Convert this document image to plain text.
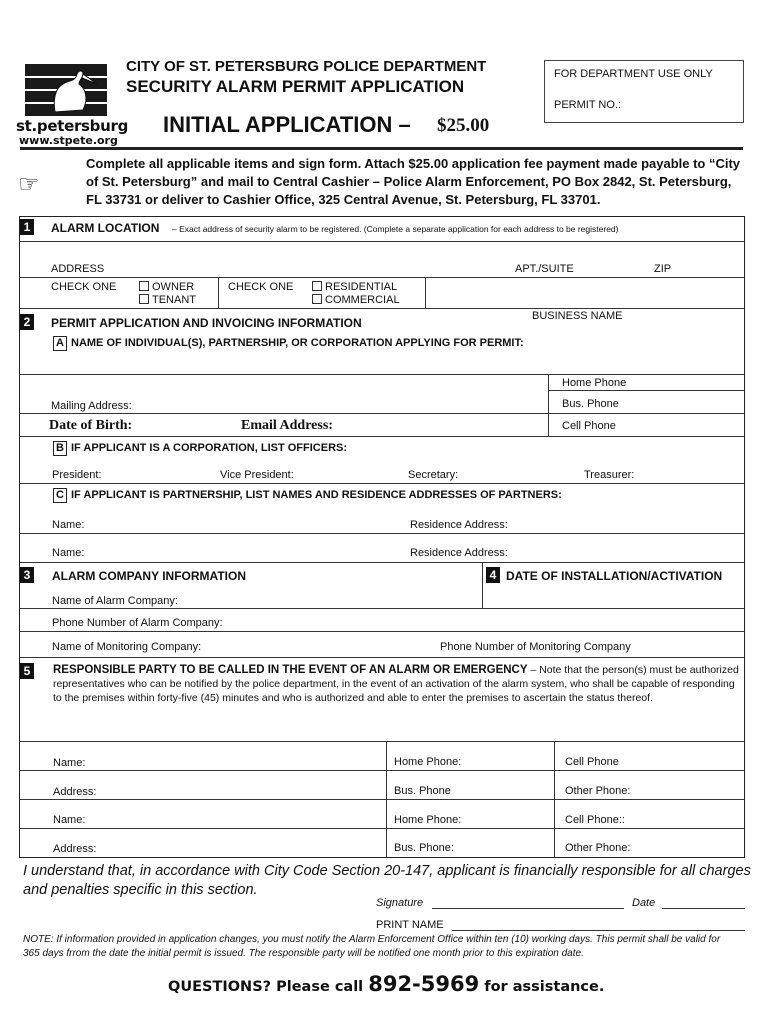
st.petersburg
www.stpete.org
CITY OF ST. PETERSBURG POLICE DEPARTMENT
SECURITY ALARM PERMIT APPLICATION
INITIAL APPLICATION – $25.00
FOR DEPARTMENT USE ONLY
PERMIT NO.:
☞
Complete all applicable items and sign form. Attach $25.00 application fee payment made payable to “City of St. Petersburg” and mail to Central Cashier – Police Alarm Enforcement, PO Box 2842, St. Petersburg, FL 33731 or deliver to Cashier Office, 325 Central Avenue, St. Petersburg, FL 33701.
1	ALARM LOCATION – Exact address of security alarm to be registered. (Complete a separate application for each address to be registered)
ADDRESS	APT./SUITE	ZIP
CHECK ONE	OWNER
TENANT
CHECK ONE	RESIDENTIAL
COMMERCIAL
2	PERMIT APPLICATION AND INVOICING INFORMATION	BUSINESS NAME
A NAME OF INDIVIDUAL(S), PARTNERSHIP, OR CORPORATION APPLYING FOR PERMIT:
Home Phone
Mailing Address:	Bus. Phone
Date of Birth:	Email Address:	Cell Phone
B IF APPLICANT IS A CORPORATION, LIST OFFICERS:
President:	Vice President:	Secretary:	Treasurer:
C IF APPLICANT IS PARTNERSHIP, LIST NAMES AND RESIDENCE ADDRESSES OF PARTNERS:
Name:	Residence Address:
Name:	Residence Address:
3	ALARM COMPANY INFORMATION	4 DATE OF INSTALLATION/ACTIVATION
Name of Alarm Company:
Phone Number of Alarm Company:
Name of Monitoring Company:	Phone Number of Monitoring Company
5	RESPONSIBLE PARTY TO BE CALLED IN THE EVENT OF AN ALARM OR EMERGENCY – Note that the person(s) must be authorized representatives who can be notified by the police department, in the event of an activation of the alarm system, who shall be capable of responding to the premises within forty-five (45) minutes and who is authorized and able to enter the premises to ascertain the status thereof.
Name:	Home Phone:	Cell Phone
Address:	Bus. Phone	Other Phone:
Name:	Home Phone:	Cell Phone::
Address:	Bus. Phone:	Other Phone:
I understand that, in accordance with City Code Section 20-147, applicant is financially responsible for all charges and penalties specific in this section.
Signature	Date
PRINT NAME
NOTE: If information provided in application changes, you must notify the Alarm Enforcement Office within ten (10) working days. This permit shall be valid for 365 days frrom the date the initial permit is issued. The responsible party will be notified one month prior to this expiration date.
QUESTIONS? Please call 892-5969 for assistance.
